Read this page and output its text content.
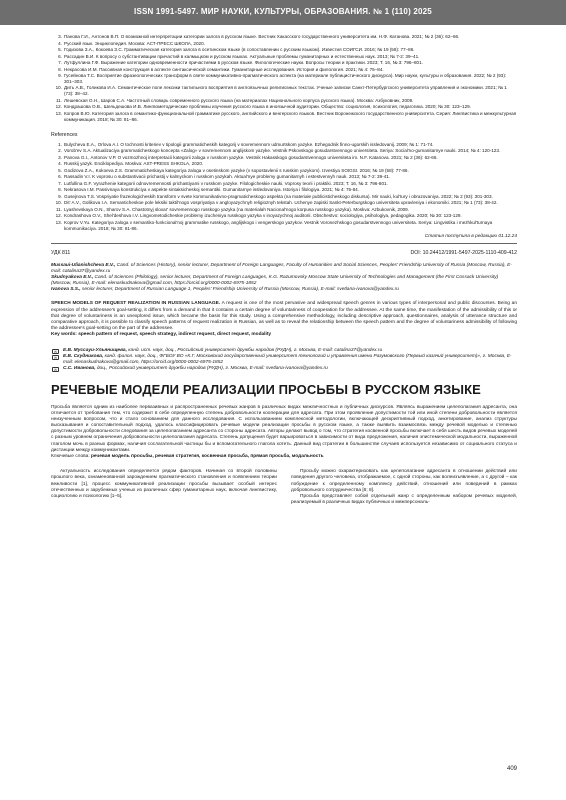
ISSN 1991-5497. МИР НАУКИ, КУЛЬТУРЫ, ОБРАЗОВАНИЯ. № 1 (110) 2025
3. Панова Г.И., Антонов В.П. О возможной интерпретации категории залога в русском языке. Вестник Хакасского государственного университета им. Н.Ф. Катанова. 2021; № 2 (36): 62–66.
4. Русский язык. Энциклопедия. Москва: АСТ-ПРЕСС ШКОЛА, 2020.
5. Годизова З.А., Кокоева З.С. Грамматическая категория залога в осетинском языке (в сопоставлении с русским языком). Известия СОИГСИ. 2016; № 19 (58): 77–86.
6. Рассадин В.И. К вопросу о субстантивации причастий в калмыцком и русском языках. Актуальные проблемы гуманитарных и естественных наук. 2013; № 7-2: 39–41.
7. Лутфуллина Г.Ф. Выражение категории одновременности причастиями в русском языке. Филологические науки. Вопросы теории и практики. 2023; Т. 16, № 3: 796–801.
8. Некрасова И.М. Пассивная конструкция в аспекте синтаксической семантики. Гуманитарные исследования. История и филология. 2021; № 4: 75–84.
9. Гусейнова Т.С. Восприятие фразеологических трансформ в свете коммуникативно-прагматического аспекта (на материале публицистического дискурса). Мир науки, культуры и образования. 2022; № 2 (93): 301–303.
10. Дить А.В., Голикова И.А. Семантическое поле лексики тактильного восприятия в англоязычных религиозных текстах. Ученые записки Санкт-Петербургского университета управления и экономики. 2021; № 1 (73): 38–42.
11. Лешевская О.Н., Шаров С.А. Частотный словарь современного русского языка (на материалах Национального корпуса русского языка). Москва: Азбуковник, 2009.
12. Кондрашова О.В., Шельдешова И.В. Лингвометодические проблемы изучения русского языка в иноязычной аудитории. Общество: социология, психология, педагогика. 2020; № 30: 123–129.
13. Копров В.Ю. Категория залога в семантико-функциональной грамматике русского, английского и венгерского языков. Вестник Воронежского государственного университета. Серия: Лингвистика и межкультурная коммуникация. 2018; № 30: 81–86.
References
1. Bulycheva E.A., Orlova A.I. O tochnosti kriteriev v tipologii grammaticheskih kategorij v sovremennom udmurtskom yazyke. Ezhegodnik finno-ugorskih issledovanij. 2009; № 1: 71-74.
2. Vorob'ev S.A. Aktualizaciya grammaticheskogo koncepta «Zalog» v sovremennom anglijskom yazyke. Vestnik Pskovskogo gosudarstvennogo universiteta. Seriya: Social'no-gumanitarnye nauki. 2014; № 4: 120-123.
3. Panova G.I., Antonov V.P. O vozmozhnoj interpretacii kategorii zaloga v russkom yazyke. Vestnik Hakasskogo gosudarstvennogo universiteta im. N.F. Katanova. 2021; № 2 (36): 62-66.
4. Russkij yazyk. Enciklopediya. Moskva: AST-PRESS SHKOLA, 2020.
5. Godizova Z.A., Kokoeva Z.S. Grammaticheskaya kategoriya zaloga v osetinskom yazyke (v sopostavlenii s russkim yazykom). Izvestiya SOIGSI. 2016; № 19 (58): 77-86.
6. Rassadin V.I. K voprosu o substantivacii prichastij v kalmyckom i russkom yazykah. Aktual'nye problemy gumanitarnyh i estestvennyh nauk. 2013; № 7-2: 39-41.
7. Lutfullina G.F. Vyrazhenie kategorii odnovremennosti prichastiyami v russkom yazyke. Filologicheskie nauki. Voprosy teorii i praktiki. 2023; T. 16, № 3: 796-801.
8. Nekrasova I.M. Passivnaya konstrukciya v aspekte sintaksicheskoj semantiki. Gumanitarnye issledovaniya. Istoriya i filologiya. 2021; № 4: 75-84.
9. Gusejnova T.S. Vospriyatie frazeologicheskih transform v svete kommunikativno-pragmaticheskogo aspekta (na materiale publicisticheskogo diskursa). Mir nauki, kul'tury i obrazovaniya. 2022; № 2 (93): 301-303.
10. Dit' A.V., Golikova I.A. Semanticheskoe pole leksiki taktil'nogo vospriyatiya v angloyazychnyh religioznyh tekstah. Uchenye zapiski Sankt-Peterburgskogo universiteta upravleniya i ekonomiki. 2021; № 1 (73): 38-42.
11. Lyashevskaya O.N., Sharov S.A. Chastotnyj slovar' sovremennogo russkogo yazyka (na materialah Nacional'nogo korpusa russkogo yazyka). Moskva: Azbukovnik, 2009.
12. Kondrashova O.V., Shel'deshova I.V. Lingvometodicheskie problemy izucheniya russkogo yazyka v inoyazychnoj auditorii. Obschestvo: sociologiya, psihologiya, pedagogika. 2020; № 30: 123-129.
13. Koprov V.Yu. Kategoriya zaloga v semantiko-funkcional'noj grammatike russkogo, anglijskogo i vengerskogo yazykov. Vestnik Voronezhskogo gosudarstvennogo universiteta. Seriya: Lingvistika i mezhkul'turnaya kommunikaciya. 2018; № 30: 81-86.
Статья поступила в редакцию 01.12.24
УДК 811	DOI: 10.24412/1991-5497-2025-1110-409-412

Mussaui-Ulianishcheva E.V., Cand. of Sciences (History), senior lecturer, Department of Foreign Languages, Faculty of Humanities and Social Sciences, Peoples' Friendship University of Russia (Moscow, Russia), E-mail: catalina37@yandex.ru

Skudnyakova E.V., Cand. of Sciences (Philology), senior lecturer, Department of Foreign Languages, K.G. Razumovsky Moscow State University of Technologies and Management (the First Cossack University) (Moscow, Russia), E-mail: elenaskudnakova@gmail.com, https://orcid.org/0000-0002-6975-1852

Ivanova S.S., senior lecturer, Department of Russian Language 1, Peoples' Friendship University of Russia (Moscow, Russia), E-mail: svetlana-ivanova@yandex.ru

SPEECH MODELS OF REQUEST REALIZATION IN RUSSIAN LANGUAGE. A request is one of the most pervasive and widespread speech genres in various types of interpersonal and public discourses. Being an expression of the addressee's goal-setting, it differs from a demand in that it contains a certain degree of voluntariness of cooperation for the addressee. At the same time, the manifestation of the admissibility of this or that degree of voluntariness is an unexplored issue, which became the basis for this study. Using a comprehensive methodology, including descriptive approach, questionnaires, analysis of utterance structure and comparative approach, it is possible to classify speech patterns of request realization in Russian, as well as to reveal the relationship between the speech pattern and the degree of voluntariness admissibility of following the addressee's goal-setting on the part of the addressee.

Key words: speech pattern of request, speech strategy, indirect request, direct request, modality

✉	Е.В. Муссауи-Ульянищева, канд. ист. наук, доц., Российский университет дружбы народов (РУДН), г. Москва, E-mail: catalina37@yandex.ru

✉	Е.В. Скудникова, канд. филол. наук, доц., ФГБОУ ВО «К.Г. Московский государственный университет технологий и управления имени Разумовского (Первый казачий университет)», г. Москва, E-mail: elenaskudnakova@gmail.com, https://orcid.org/0000-0002-6975-1852

✉	С.С. Иванова, доц., Российский университет дружбы народов (РУДН), г. Москва, E-mail: svetlana-ivanova@yandex.ru

РЕЧЕВЫЕ МОДЕЛИ РЕАЛИЗАЦИИ ПРОСЬБЫ В РУССКОМ ЯЗЫКЕ

Просьба является одним из наиболее первазивных и распространенных речевых жанров в различных видах межличностных и публичных дискурсов. Являясь выражением целеполагания адресанта, она отличается от требования тем, что содержит в себе определенную степень добровольности кооперации для адресата. При этом проявление допустимости той или иной степени добровольности является неизученным вопросом, что и стало основанием для данного исследования. С использованием комплексной методологии, включающей дескриптивный подход, анкетирование, анализ структуры высказывания и сопоставительный подход, удалось классифицировать речевые модели реализации просьбы в русском языке, а также выявить взаимосвязь между речевой моделью и степенью допустимости добровольности следования за целеполаганием адресанта со стороны адресата. Авторы делают вывод о том, что стратегия косвенной просьбы включает в себя шесть видов речевых моделей с разным уровнем ограничения добровольности целеполагания адресата. Степень допущения будет варьироваться в зависимости от вида предложения, наличия эпистемической модальности, выраженной глаголом мочь в разных формах, наличия сослагательной частицы бы и вспомогательного глагола хотеть. Данный вид стратегии в большинстве случаев используется независимо от социального статуса и дистанции между коммуникантами.

Ключевые слова: речевая модель просьбы, речевая стратегия, косвенная просьба, прямая просьба, модальность

Актуальность исследования определяется рядом факторов. Начиная со второй половины прошлого века, ознаменованной зарождением прагматического становления и появлением теории вежливости [1], процесс коммуникативной реализации просьбы вызывает особый интерес отечественных и зарубежных ученых из различных сфер гуманитарных наук, включая лингвистику, социологию и психологию [1–5].

Просьбу можно охарактеризовать как целеполагание адресанта в отношении действий или поведения другого человека, отображаемое, с одной стороны, как волеизъявление, а с другой – как побуждение к определенному комплексу действий, отношений или поведений в рамках добровольного сотрудничества [6; 8].

Просьба представляет собой отдельный жанр с определенным набором речевых моделей, реализуемый в различных видах публичных и межперсональ-

409
